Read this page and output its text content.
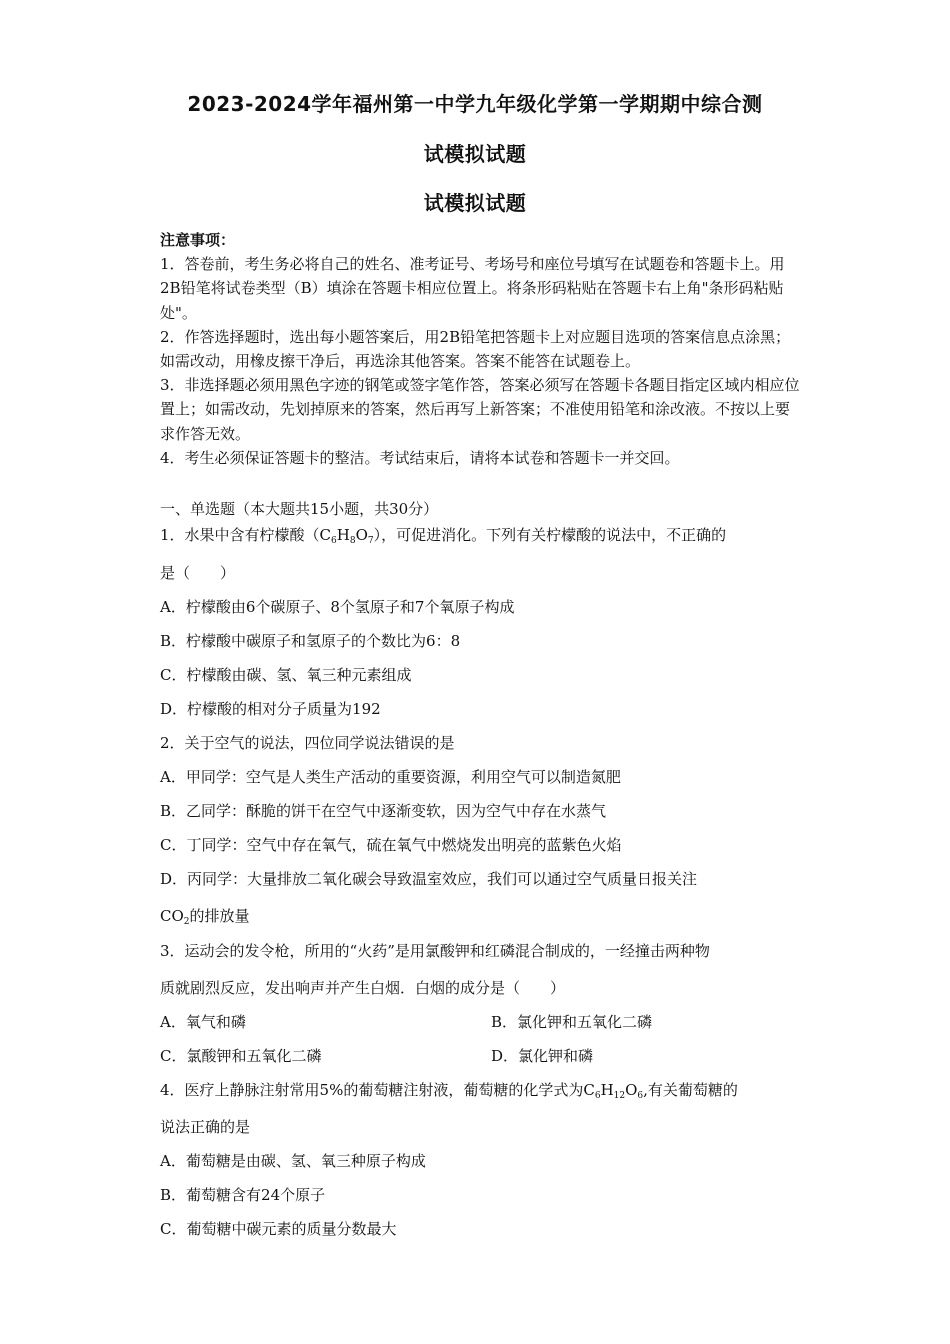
2023-2024学年福州第一中学九年级化学第一学期期中综合测
试模拟试题
试模拟试题

注意事项：

1．答卷前，考生务必将自己的姓名、准考证号、考场号和座位号填写在试题卷和答题卡上。用2B铅笔将试卷类型（B）填涂在答题卡相应位置上。将条形码粘贴在答题卡右上角"条形码粘贴处"。

2．作答选择题时，选出每小题答案后，用2B铅笔把答题卡上对应题目选项的答案信息点涂黑；如需改动，用橡皮擦干净后，再选涂其他答案。答案不能答在试题卷上。

3．非选择题必须用黑色字迹的钢笔或签字笔作答，答案必须写在答题卡各题目指定区域内相应位置上；如需改动，先划掉原来的答案，然后再写上新答案；不准使用铅笔和涂改液。不按以上要求作答无效。

4．考生必须保证答题卡的整洁。考试结束后，请将本试卷和答题卡一并交回。

一、单选题（本大题共15小题，共30分）
1．水果中含有柠檬酸$(C_6H_8O_7)$，可促进消化。下列有关柠檬酸的说法中，不正确的
是（　　）
A．柠檬酸由6个碳原子、8个氢原子和7个氧原子构成
B．柠檬酸中碳原子和氢原子的个数比为6：8
C．柠檬酸由碳、氢、氧三种元素组成
D．柠檬酸的相对分子质量为192
2．关于空气的说法，四位同学说法错误的是
A．甲同学：空气是人类生产活动的重要资源，利用空气可以制造氮肥
B．乙同学：酥脆的饼干在空气中逐渐变软，因为空气中存在水蒸气
C．丁同学：空气中存在氧气，硫在氧气中燃烧发出明亮的蓝紫色火焰
D．丙同学：大量排放二氧化碳会导致温室效应，我们可以通过空气质量日报关注
$CO_2$的排放量
3．运动会的发令枪，所用的“火药”是用氯酸钾和红磷混合制成的，一经撞击两种物
质就剧烈反应，发出响声并产生白烟．白烟的成分是（　　）
A．氧气和磷	B．氯化钾和五氧化二磷
C．氯酸钾和五氧化二磷	D．氯化钾和磷
4．医疗上静脉注射常用5%的葡萄糖注射液，葡萄糖的化学式为$C_6H_{12}O_6$,有关葡萄糖的
说法正确的是
A．葡萄糖是由碳、氢、氧三种原子构成
B．葡萄糖含有24个原子
C．葡萄糖中碳元素的质量分数最大
